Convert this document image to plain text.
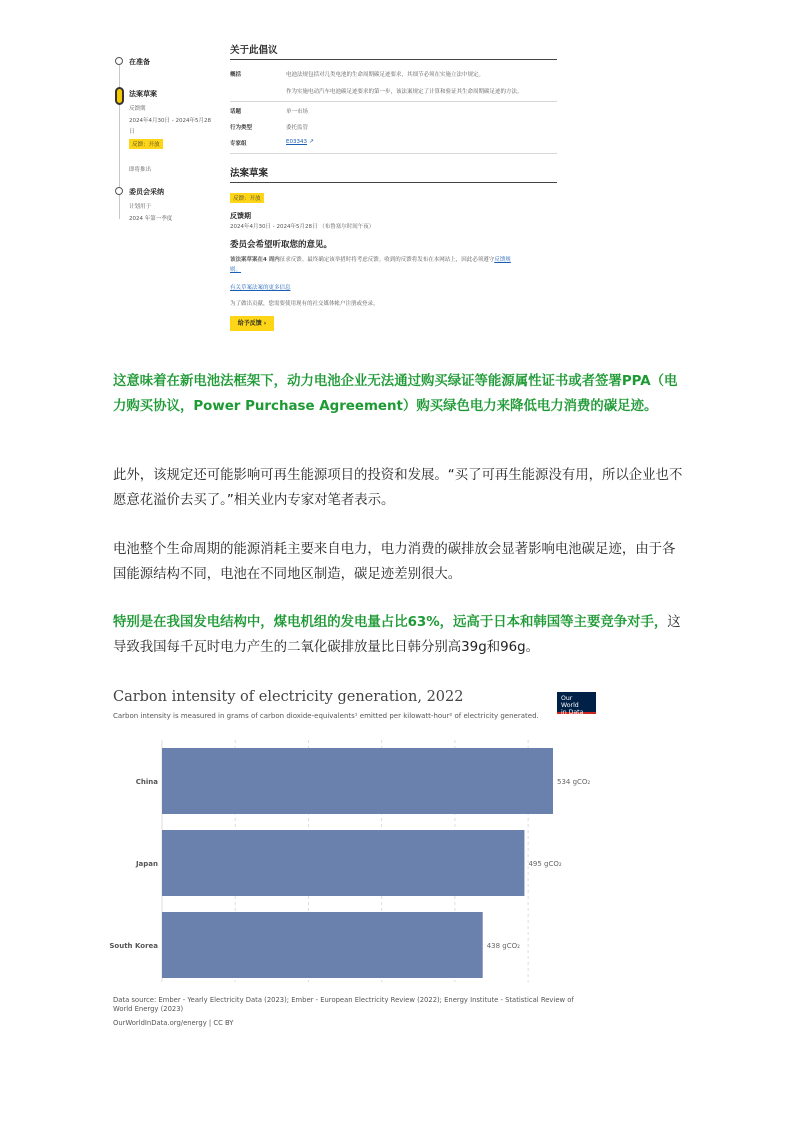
在准备
法案草案
反馈期
2024年4月30日 - 2024年5月28
日
反馈：开放
即将推出
委员会采纳
计划用于
2024 年第一季度
关于此倡议
概括	电池法规包括对几类电池的生命周期碳足迹要求，其细节必须在实施立法中规定。
作为实施电动汽车电池碳足迹要求的第一步，该法案规定了计算和验证其生命周期碳足迹的方法。
话题	单一市场
行为类型	委托监管
专家组	E03343 ↗
法案草案
反馈：开放
反馈期
2024年4月30日 - 2024年5月28日 （布鲁塞尔时间午夜）
委员会希望听取您的意见。
该法案草案在4 周内征求反馈。最终确定该举措时将考虑反馈。收到的反馈将发布在本网站上，因此必须遵守反馈规
则。
有关草案法案的更多信息
为了做出贡献，您需要使用现有的社交媒体帐户注册或登录。
给予反馈 ›

这意味着在新电池法框架下，动力电池企业无法通过购买绿证等能源属性证书或者签署PPA（电力购买协议，Power Purchase Agreement）购买绿色电力来降低电力消费的碳足迹。

此外，该规定还可能影响可再生能源项目的投资和发展。“买了可再生能源没有用，所以企业也不愿意花溢价去买了。”相关业内专家对笔者表示。

电池整个生命周期的能源消耗主要来自电力，电力消费的碳排放会显著影响电池碳足迹，由于各国能源结构不同，电池在不同地区制造，碳足迹差别很大。

特别是在我国发电结构中，煤电机组的发电量占比63%，远高于日本和韩国等主要竞争对手，这导致我国每千瓦时电力产生的二氧化碳排放量比日韩分别高39g和96g。

Carbon intensity of electricity generation, 2022
Carbon intensity is measured in grams of carbon dioxide-equivalents¹ emitted per kilowatt-hour² of electricity generated.
Our World
in Data
China	534 gCO₂
Japan	495 gCO₂
South Korea	438 gCO₂
Data source: Ember - Yearly Electricity Data (2023); Ember - European Electricity Review (2022); Energy Institute - Statistical Review of World Energy (2023)
OurWorldInData.org/energy | CC BY
